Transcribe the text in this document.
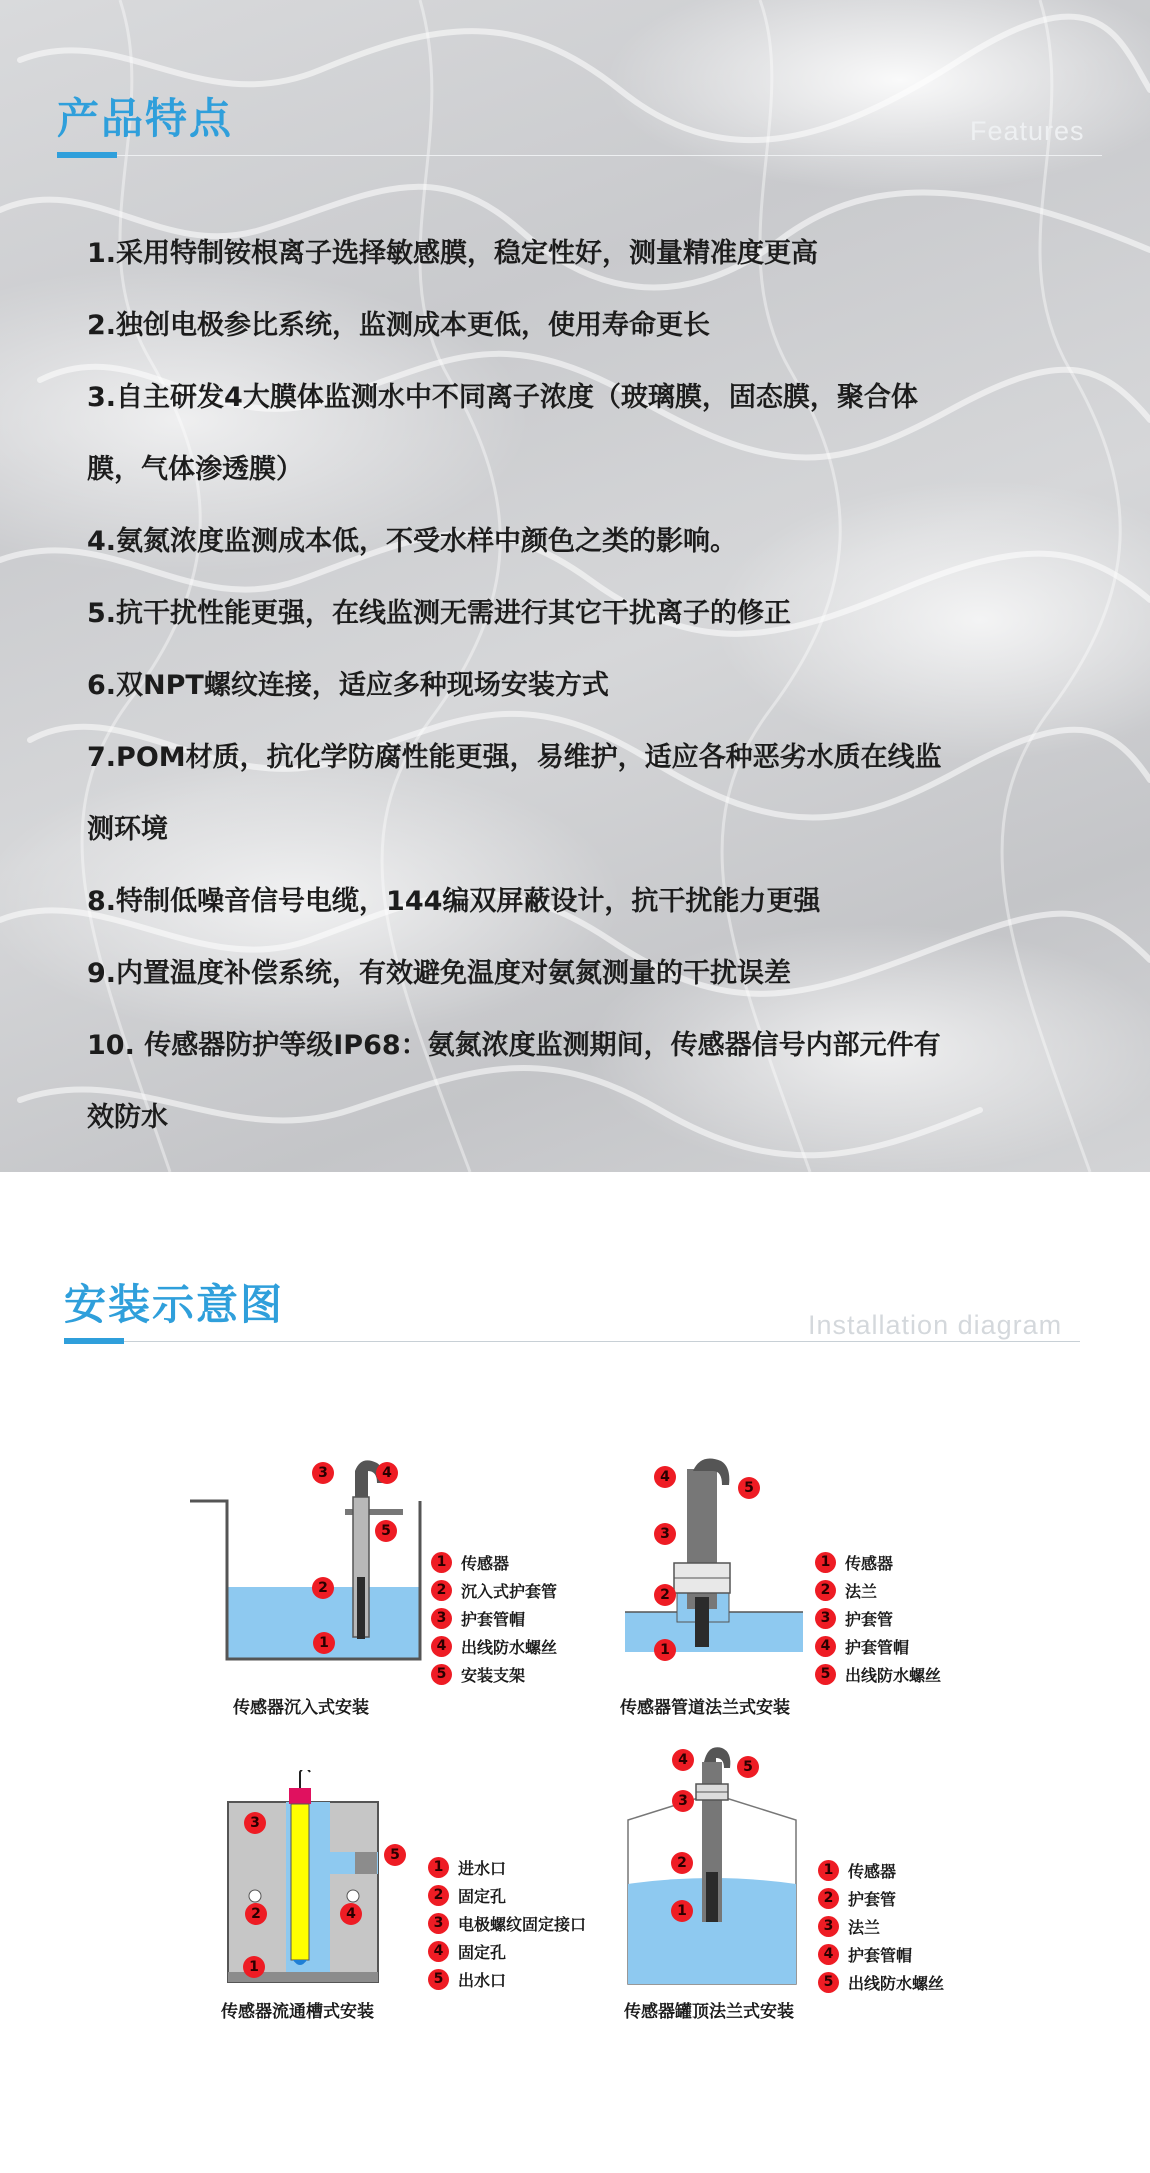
产品特点	Features
1.采用特制铵根离子选择敏感膜，稳定性好，测量精准度更高
2.独创电极参比系统，监测成本更低，使用寿命更长
3.自主研发4大膜体监测水中不同离子浓度（玻璃膜，固态膜，聚合体
膜，气体渗透膜）
4.氨氮浓度监测成本低，不受水样中颜色之类的影响。
5.抗干扰性能更强，在线监测无需进行其它干扰离子的修正
6.双NPT螺纹连接，适应多种现场安装方式
7.POM材质，抗化学防腐性能更强，易维护，适应各种恶劣水质在线监
测环境
8.特制低噪音信号电缆，144编双屏蔽设计，抗干扰能力更强
9.内置温度补偿系统，有效避免温度对氨氮测量的干扰误差
10. 传感器防护等级IP68：氨氮浓度监测期间，传感器信号内部元件有
效防水
安装示意图	Installation diagram
3	4
5
2
1
1 传感器
2 沉入式护套管
3 护套管帽
4 出线防水螺丝
5 安装支架
传感器沉入式安装
4
5
3
2
1
1 传感器
2 法兰
3 护套管
4 护套管帽
5 出线防水螺丝
传感器管道法兰式安装
3
5
2	4
1
1 进水口
2 固定孔
3 电极螺纹固定接口
4 固定孔
5 出水口
传感器流通槽式安装
4	5
3
2
1
1 传感器
2 护套管
3 法兰
4 护套管帽
5 出线防水螺丝
传感器罐顶法兰式安装
